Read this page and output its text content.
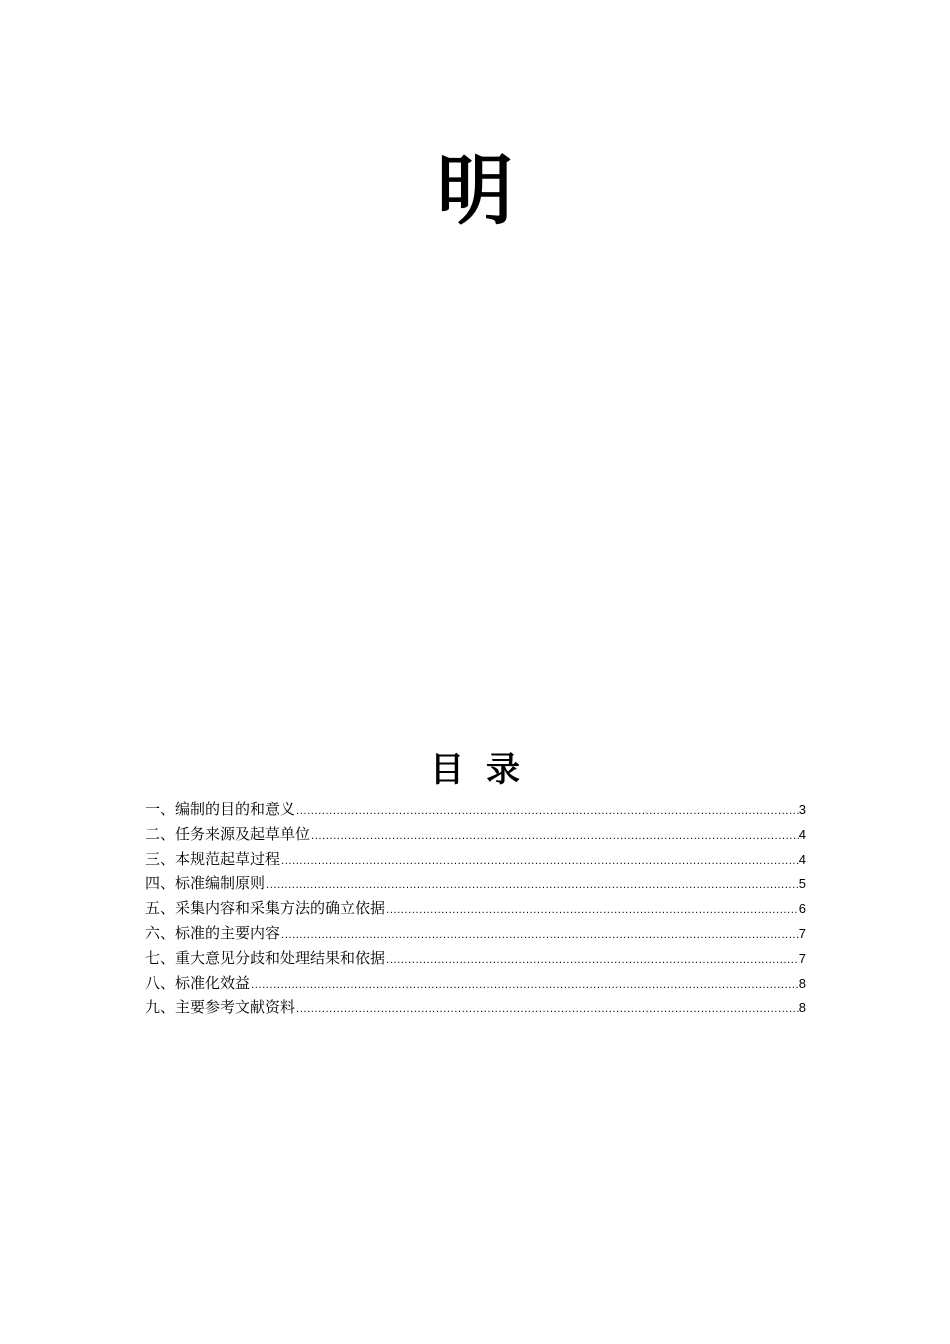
明
目录
一、 编制的目的和意义 .....	3
二、 任务来源及起草单位 .....	4
三、 本规范起草过程 .....	4
四、 标准编制原则 .....	5
五、 采集内容和采集方法的确立依据 .....	6
六、 标准的主要内容 .....	7
七、 重大意见分歧和处理结果和依据 .....	7
八、 标准化效益 .....	8
九、 主要参考文献资料 .....	8
